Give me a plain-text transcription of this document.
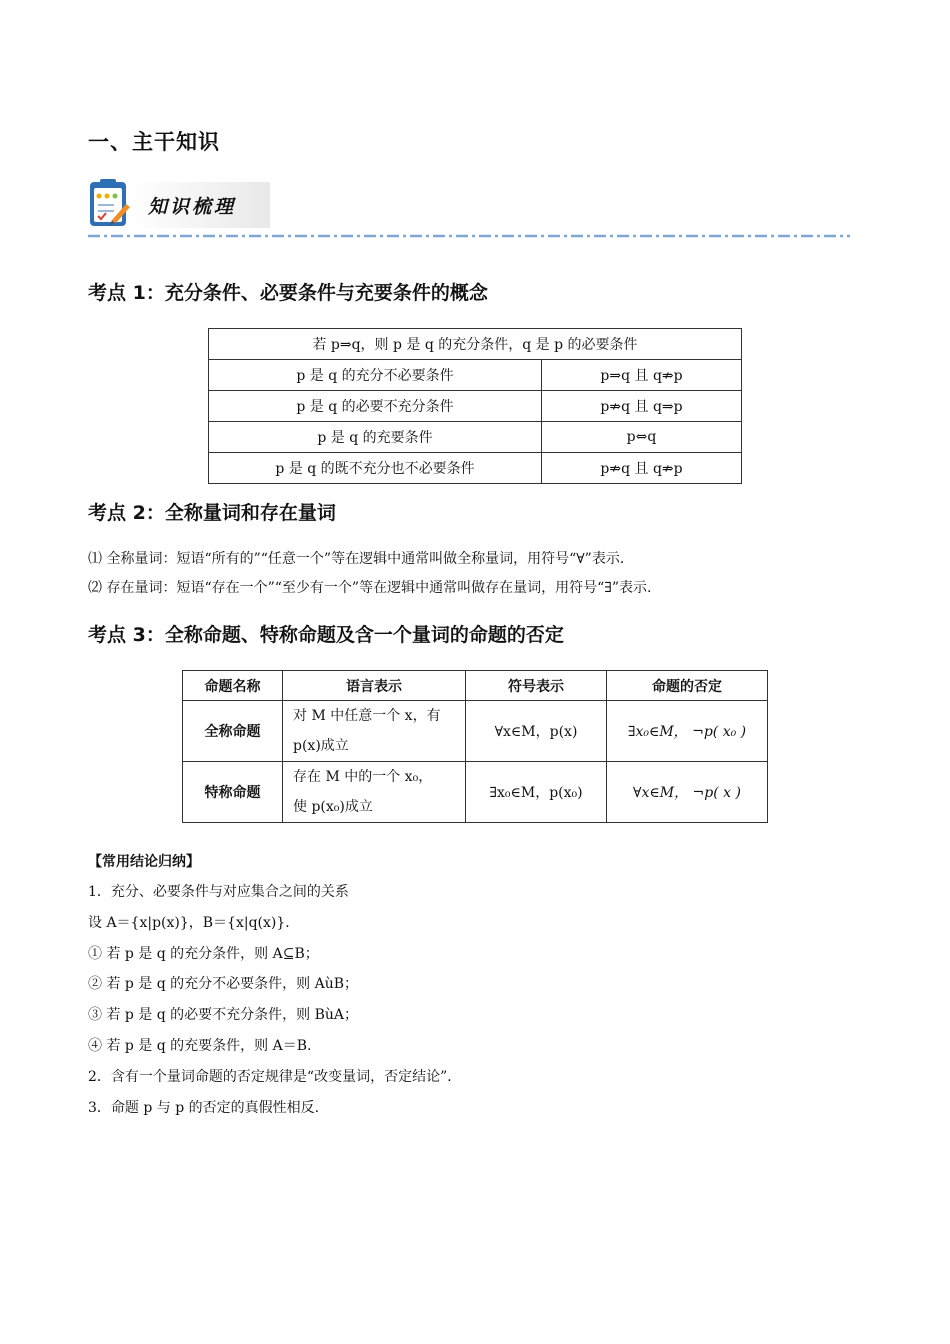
一、主干知识
知识梳理
考点 1：充分条件、必要条件与充要条件的概念
若 p⇒q，则 p 是 q 的充分条件，q 是 p 的必要条件	
p 是 q 的充分不必要条件	p⇒q 且 q⇏p
p 是 q 的必要不充分条件	p⇏q 且 q⇒p
p 是 q 的充要条件	p⇔q
p 是 q 的既不充分也不必要条件	p⇏q 且 q⇏p
考点 2：全称量词和存在量词
⑴ 全称量词：短语“所有的”“任意一个”等在逻辑中通常叫做全称量词，用符号“∀”表示.
⑵ 存在量词：短语“存在一个”“至少有一个”等在逻辑中通常叫做存在量词，用符号“∃”表示.
考点 3：全称命题、特称命题及含一个量词的命题的否定
命题名称	语言表示	符号表示	命题的否定
全称命题	对 M 中任意一个 x，有
p(x)成立	∀x∈M，p(x)	∃x₀∈M， ¬p( x₀ )
特称命题	存在 M 中的一个 x₀，
使 p(x₀)成立	∃x₀∈M，p(x₀)	∀x∈M， ¬p( x )
【常用结论归纳】
1．充分、必要条件与对应集合之间的关系
设 A＝{x|p(x)}，B＝{x|q(x)}．
① 若 p 是 q 的充分条件，则 A⊆B；
② 若 p 是 q 的充分不必要条件，则 AùB；
③ 若 p 是 q 的必要不充分条件，则 BùA；
④ 若 p 是 q 的充要条件，则 A＝B.
2．含有一个量词命题的否定规律是“改变量词，否定结论”．
3．命题 p 与 p 的否定的真假性相反.
